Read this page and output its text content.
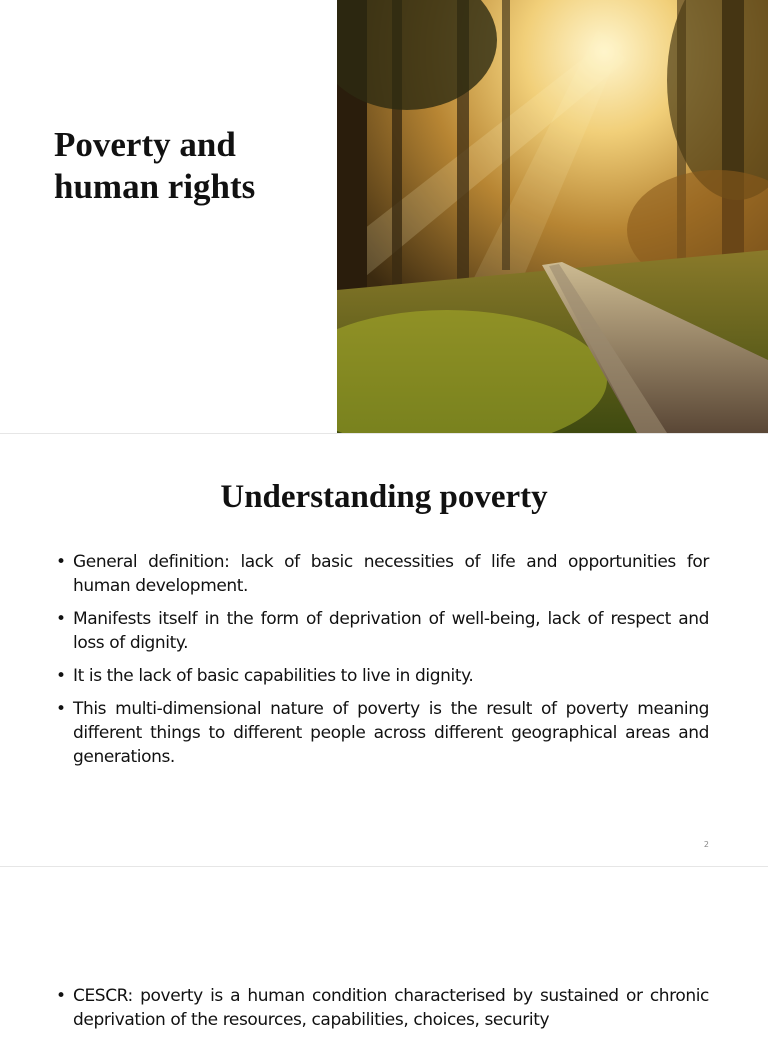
Poverty and human rights
Understanding poverty
• General definition: lack of basic necessities of life and opportunities for human development.
• Manifests itself in the form of deprivation of well-being, lack of respect and loss of dignity.
• It is the lack of basic capabilities to live in dignity.
• This multi-dimensional nature of poverty is the result of poverty meaning different things to different people across different geographical areas and generations.
2
• CESCR: poverty is a human condition characterised by sustained or chronic deprivation of the resources, capabilities, choices, security
